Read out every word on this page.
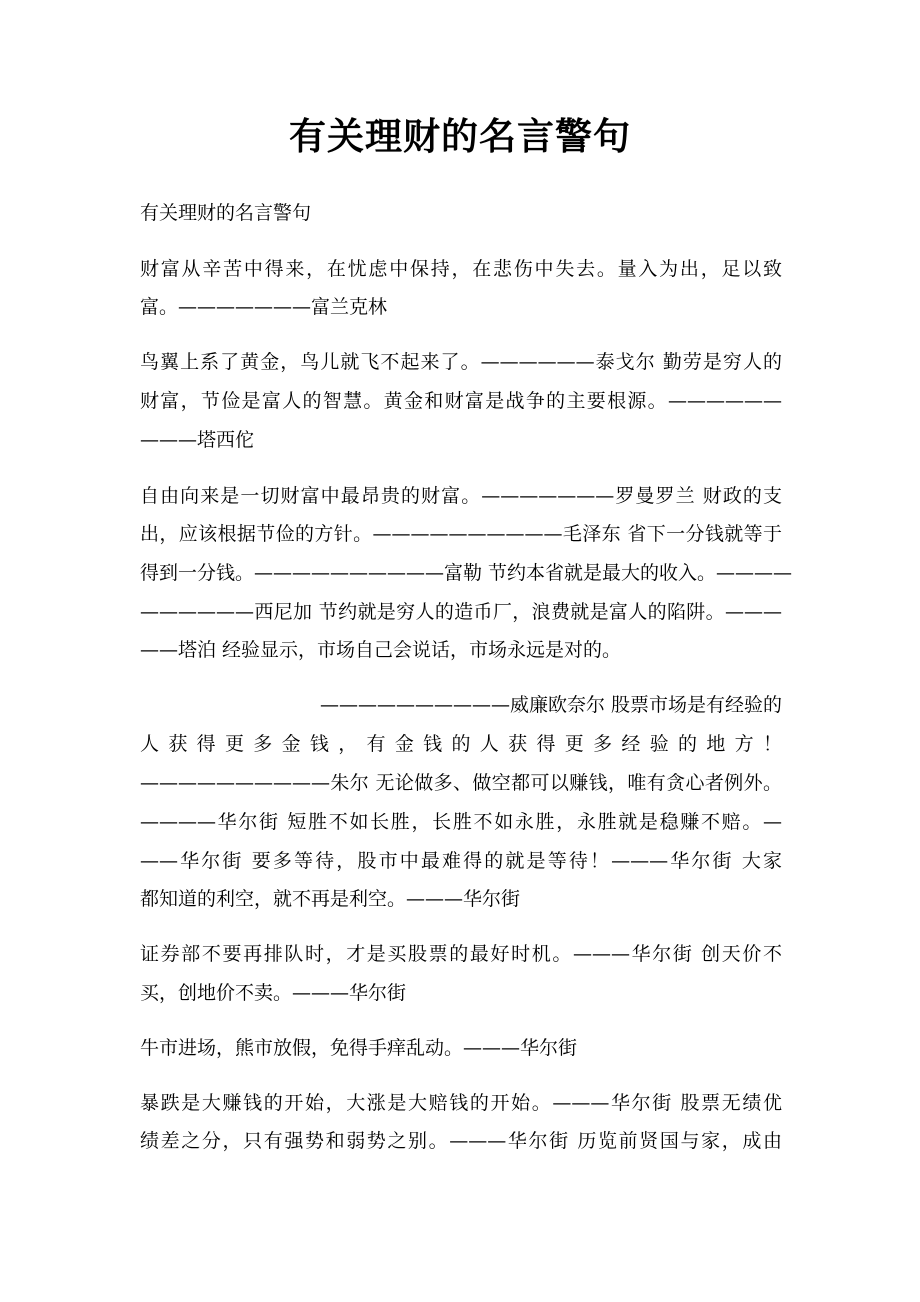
有关理财的名言警句
有关理财的名言警句
财富从辛苦中得来，在忧虑中保持，在悲伤中失去。量入为出，足以致
富。———————富兰克林
鸟翼上系了黄金，鸟儿就飞不起来了。——————泰戈尔 勤劳是穷人的
财富，节俭是富人的智慧。黄金和财富是战争的主要根源。——————
———塔西佗
自由向来是一切财富中最昂贵的财富。———————罗曼罗兰 财政的支
出，应该根据节俭的方针。——————————毛泽东 省下一分钱就等于
得到一分钱。——————————富勒 节约本省就是最大的收入。————
——————西尼加 节约就是穷人的造币厂，浪费就是富人的陷阱。———
——塔泊 经验显示，市场自己会说话，市场永远是对的。
——————————威廉欧奈尔 股票市场是有经验的
人获得更多金钱，有金钱的人获得更多经验的地方！
——————————朱尔 无论做多、做空都可以赚钱，唯有贪心者例外。
————华尔街 短胜不如长胜，长胜不如永胜，永胜就是稳赚不赔。—
——华尔街 要多等待，股市中最难得的就是等待！———华尔街 大家
都知道的利空，就不再是利空。———华尔街
证券部不要再排队时，才是买股票的最好时机。———华尔街 创天价不
买，创地价不卖。———华尔街
牛市进场，熊市放假，免得手痒乱动。———华尔街
暴跌是大赚钱的开始，大涨是大赔钱的开始。———华尔街 股票无绩优
绩差之分，只有强势和弱势之别。———华尔街 历览前贤国与家，成由
